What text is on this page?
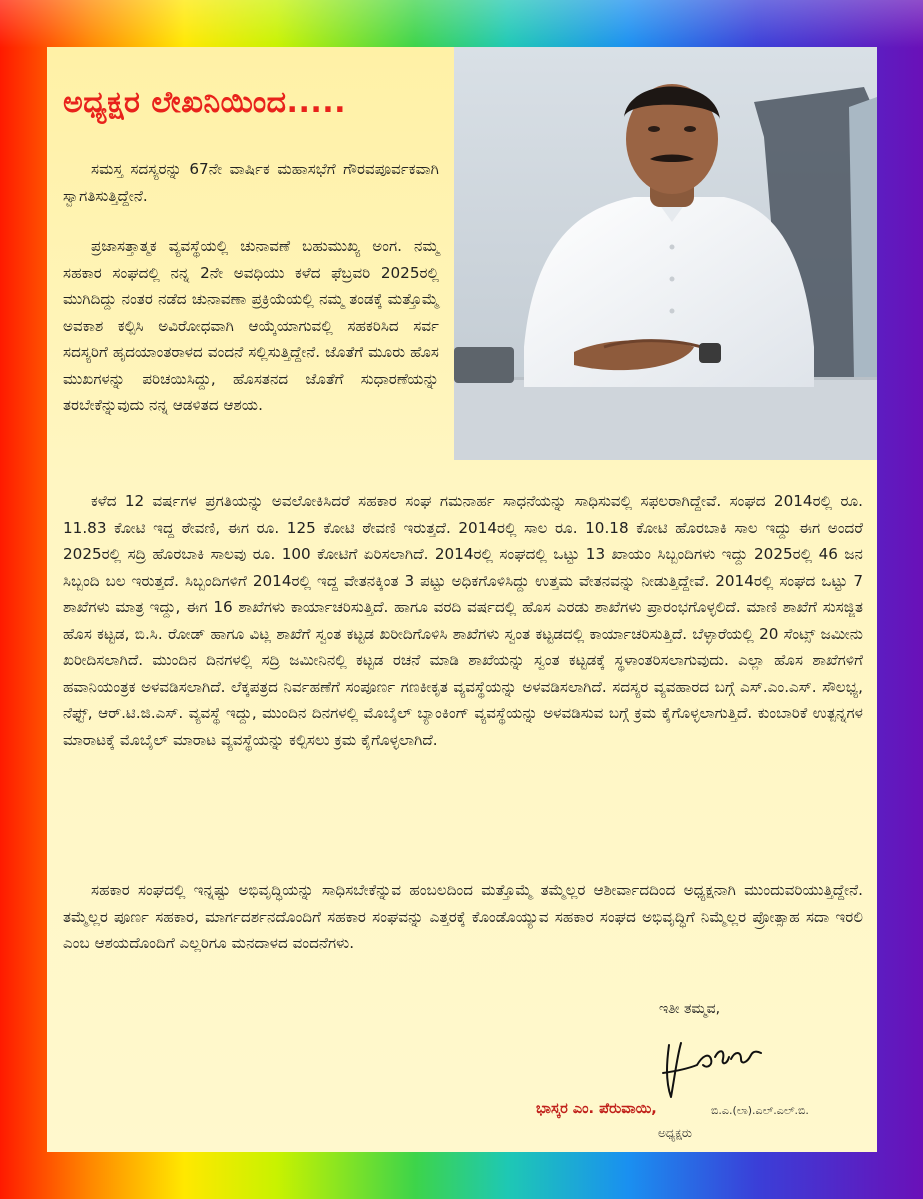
ಅಧ್ಯಕ್ಷರ ಲೇಖನಿಯಿಂದ.....

ಸಮಸ್ತ ಸದಸ್ಯರನ್ನು 67ನೇ ವಾರ್ಷಿಕ ಮಹಾಸಭೆಗೆ ಗೌರವಪೂರ್ವಕವಾಗಿ ಸ್ವಾಗತಿಸುತ್ತಿದ್ದೇನೆ.

ಪ್ರಜಾಸತ್ತಾತ್ಮಕ ವ್ಯವಸ್ಥೆಯಲ್ಲಿ ಚುನಾವಣೆ ಬಹುಮುಖ್ಯ ಅಂಗ. ನಮ್ಮ ಸಹಕಾರ ಸಂಘದಲ್ಲಿ ನನ್ನ 2ನೇ ಅವಧಿಯು ಕಳೆದ ಫೆಬ್ರವರಿ 2025ರಲ್ಲಿ ಮುಗಿದಿದ್ದು ನಂತರ ನಡೆದ ಚುನಾವಣಾ ಪ್ರಕ್ರಿಯೆಯಲ್ಲಿ ನಮ್ಮ ತಂಡಕ್ಕೆ ಮತ್ತೊಮ್ಮೆ ಅವಕಾಶ ಕಲ್ಪಿಸಿ ಅವಿರೋಧವಾಗಿ ಆಯ್ಕೆಯಾಗುವಲ್ಲಿ ಸಹಕರಿಸಿದ ಸರ್ವ ಸದಸ್ಯರಿಗೆ ಹೃದಯಾಂತರಾಳದ ವಂದನೆ ಸಲ್ಲಿಸುತ್ತಿದ್ದೇನೆ. ಜೊತೆಗೆ ಮೂರು ಹೊಸ ಮುಖಗಳನ್ನು ಪರಿಚಯಿಸಿದ್ದು, ಹೊಸತನದ ಜೊತೆಗೆ ಸುಧಾರಣೆಯನ್ನು ತರಬೇಕೆನ್ನುವುದು ನನ್ನ ಆಡಳಿತದ ಆಶಯ.

ಕಳೆದ 12 ವರ್ಷಗಳ ಪ್ರಗತಿಯನ್ನು ಅವಲೋಕಿಸಿದರೆ ಸಹಕಾರ ಸಂಘ ಗಮನಾರ್ಹ ಸಾಧನೆಯನ್ನು ಸಾಧಿಸುವಲ್ಲಿ ಸಫಲರಾಗಿದ್ದೇವೆ. ಸಂಘದ 2014ರಲ್ಲಿ ರೂ. 11.83 ಕೋಟಿ ಇದ್ದ ಠೇವಣಿ, ಈಗ ರೂ. 125 ಕೋಟಿ ಠೇವಣಿ ಇರುತ್ತದೆ. 2014ರಲ್ಲಿ ಸಾಲ ರೂ. 10.18 ಕೋಟಿ ಹೊರಬಾಕಿ ಸಾಲ ಇದ್ದು ಈಗ ಅಂದರೆ 2025ರಲ್ಲಿ ಸದ್ರಿ ಹೊರಬಾಕಿ ಸಾಲವು ರೂ. 100 ಕೋಟಿಗೆ ಏರಿಸಲಾಗಿದೆ. 2014ರಲ್ಲಿ ಸಂಘದಲ್ಲಿ ಒಟ್ಟು 13 ಖಾಯಂ ಸಿಬ್ಬಂದಿಗಳು ಇದ್ದು 2025ರಲ್ಲಿ 46 ಜನ ಸಿಬ್ಬಂದಿ ಬಲ ಇರುತ್ತದೆ. ಸಿಬ್ಬಂದಿಗಳಿಗೆ 2014ರಲ್ಲಿ ಇದ್ದ ವೇತನಕ್ಕಿಂತ 3 ಪಟ್ಟು ಅಧಿಕಗೊಳಿಸಿದ್ದು ಉತ್ತಮ ವೇತನವನ್ನು ನೀಡುತ್ತಿದ್ದೇವೆ. 2014ರಲ್ಲಿ ಸಂಘದ ಒಟ್ಟು 7 ಶಾಖೆಗಳು ಮಾತ್ರ ಇದ್ದು, ಈಗ 16 ಶಾಖೆಗಳು ಕಾರ್ಯಾಚರಿಸುತ್ತಿದೆ. ಹಾಗೂ ವರದಿ ವರ್ಷದಲ್ಲಿ ಹೊಸ ಎರಡು ಶಾಖೆಗಳು ಪ್ರಾರಂಭಗೊಳ್ಳಲಿದೆ. ಮಾಣಿ ಶಾಖೆಗೆ ಸುಸಜ್ಜಿತ ಹೊಸ ಕಟ್ಟಡ, ಬಿ.ಸಿ. ರೋಡ್ ಹಾಗೂ ವಿಟ್ಲ ಶಾಖೆಗೆ ಸ್ವಂತ ಕಟ್ಟಡ ಖರೀದಿಗೊಳಿಸಿ ಶಾಖೆಗಳು ಸ್ವಂತ ಕಟ್ಟಡದಲ್ಲಿ ಕಾರ್ಯಾಚರಿಸುತ್ತಿದೆ. ಬೆಳ್ಳಾರೆಯಲ್ಲಿ 20 ಸೆಂಟ್ಸ್ ಜಮೀನು ಖರೀದಿಸಲಾಗಿದೆ. ಮುಂದಿನ ದಿನಗಳಲ್ಲಿ ಸದ್ರಿ ಜಮೀನಿನಲ್ಲಿ ಕಟ್ಟಡ ರಚನೆ ಮಾಡಿ ಶಾಖೆಯನ್ನು ಸ್ವಂತ ಕಟ್ಟಡಕ್ಕೆ ಸ್ಥಳಾಂತರಿಸಲಾಗುವುದು. ಎಲ್ಲಾ ಹೊಸ ಶಾಖೆಗಳಿಗೆ ಹವಾನಿಯಂತ್ರಕ ಅಳವಡಿಸಲಾಗಿದೆ. ಲೆಕ್ಕಪತ್ರದ ನಿರ್ವಹಣೆಗೆ ಸಂಪೂರ್ಣ ಗಣಕೀಕೃತ ವ್ಯವಸ್ಥೆಯನ್ನು ಅಳವಡಿಸಲಾಗಿದೆ. ಸದಸ್ಯರ ವ್ಯವಹಾರದ ಬಗ್ಗೆ ಎಸ್.ಎಂ.ಎಸ್. ಸೌಲಭ್ಯ, ನೆಫ್ಟ್, ಆರ್.ಟಿ.ಜಿ.ಎಸ್. ವ್ಯವಸ್ಥೆ ಇದ್ದು, ಮುಂದಿನ ದಿನಗಳಲ್ಲಿ ಮೊಬೈಲ್ ಬ್ಯಾಂಕಿಂಗ್ ವ್ಯವಸ್ಥೆಯನ್ನು ಅಳವಡಿಸುವ ಬಗ್ಗೆ ಕ್ರಮ ಕೈಗೊಳ್ಳಲಾಗುತ್ತಿದೆ. ಕುಂಬಾರಿಕೆ ಉತ್ಪನ್ನಗಳ ಮಾರಾಟಕ್ಕೆ ಮೊಬೈಲ್ ಮಾರಾಟ ವ್ಯವಸ್ಥೆಯನ್ನು ಕಲ್ಪಿಸಲು ಕ್ರಮ ಕೈಗೊಳ್ಳಲಾಗಿದೆ.

ಸಹಕಾರ ಸಂಘದಲ್ಲಿ ಇನ್ನಷ್ಟು ಅಭಿವೃದ್ಧಿಯನ್ನು ಸಾಧಿಸಬೇಕೆನ್ನುವ ಹಂಬಲದಿಂದ ಮತ್ತೊಮ್ಮೆ ತಮ್ಮೆಲ್ಲರ ಆಶೀರ್ವಾದದಿಂದ ಅಧ್ಯಕ್ಷನಾಗಿ ಮುಂದುವರಿಯುತ್ತಿದ್ದೇನೆ. ತಮ್ಮೆಲ್ಲರ ಪೂರ್ಣ ಸಹಕಾರ, ಮಾರ್ಗದರ್ಶನದೊಂದಿಗೆ ಸಹಕಾರ ಸಂಘವನ್ನು ಎತ್ತರಕ್ಕೆ ಕೊಂಡೊಯ್ಯುವ ಸಹಕಾರ ಸಂಘದ ಅಭಿವೃದ್ಧಿಗೆ ನಿಮ್ಮೆಲ್ಲರ ಪ್ರೋತ್ಸಾಹ ಸದಾ ಇರಲಿ ಎಂಬ ಆಶಯದೊಂದಿಗೆ ಎಲ್ಲರಿಗೂ ಮನದಾಳದ ವಂದನೆಗಳು.

ಇತೀ ತಮ್ಮವ,
ಭಾಸ್ಕರ ಎಂ. ಪೆರುವಾಯಿ,	ಬಿ.ಎ.(ಲಾ).ಎಲ್.ಎಲ್.ಬಿ.
ಅಧ್ಯಕ್ಷರು
